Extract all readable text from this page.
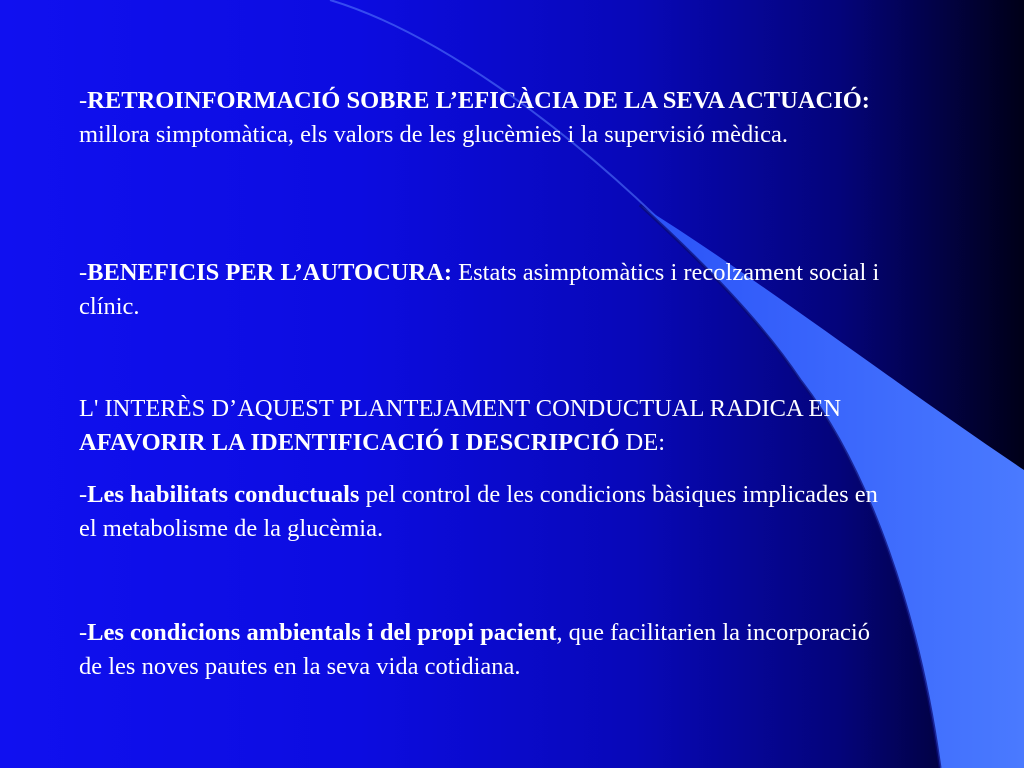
-RETROINFORMACIÓ SOBRE L’EFICÀCIA DE LA SEVA ACTUACIÓ: millora simptomàtica, els valors de les glucèmies i la supervisió mèdica.

-BENEFICIS PER L’AUTOCURA: Estats asimptomàtics i recolzament social i clínic.

L' INTERÈS D’AQUEST PLANTEJAMENT CONDUCTUAL RADICA EN AFAVORIR LA IDENTIFICACIÓ I DESCRIPCIÓ DE:

-Les habilitats conductuals pel control de les condicions bàsiques implicades en el metabolisme de la glucèmia.

-Les condicions ambientals i del propi pacient, que facilitarien la incorporació de les noves pautes en la seva vida cotidiana.
